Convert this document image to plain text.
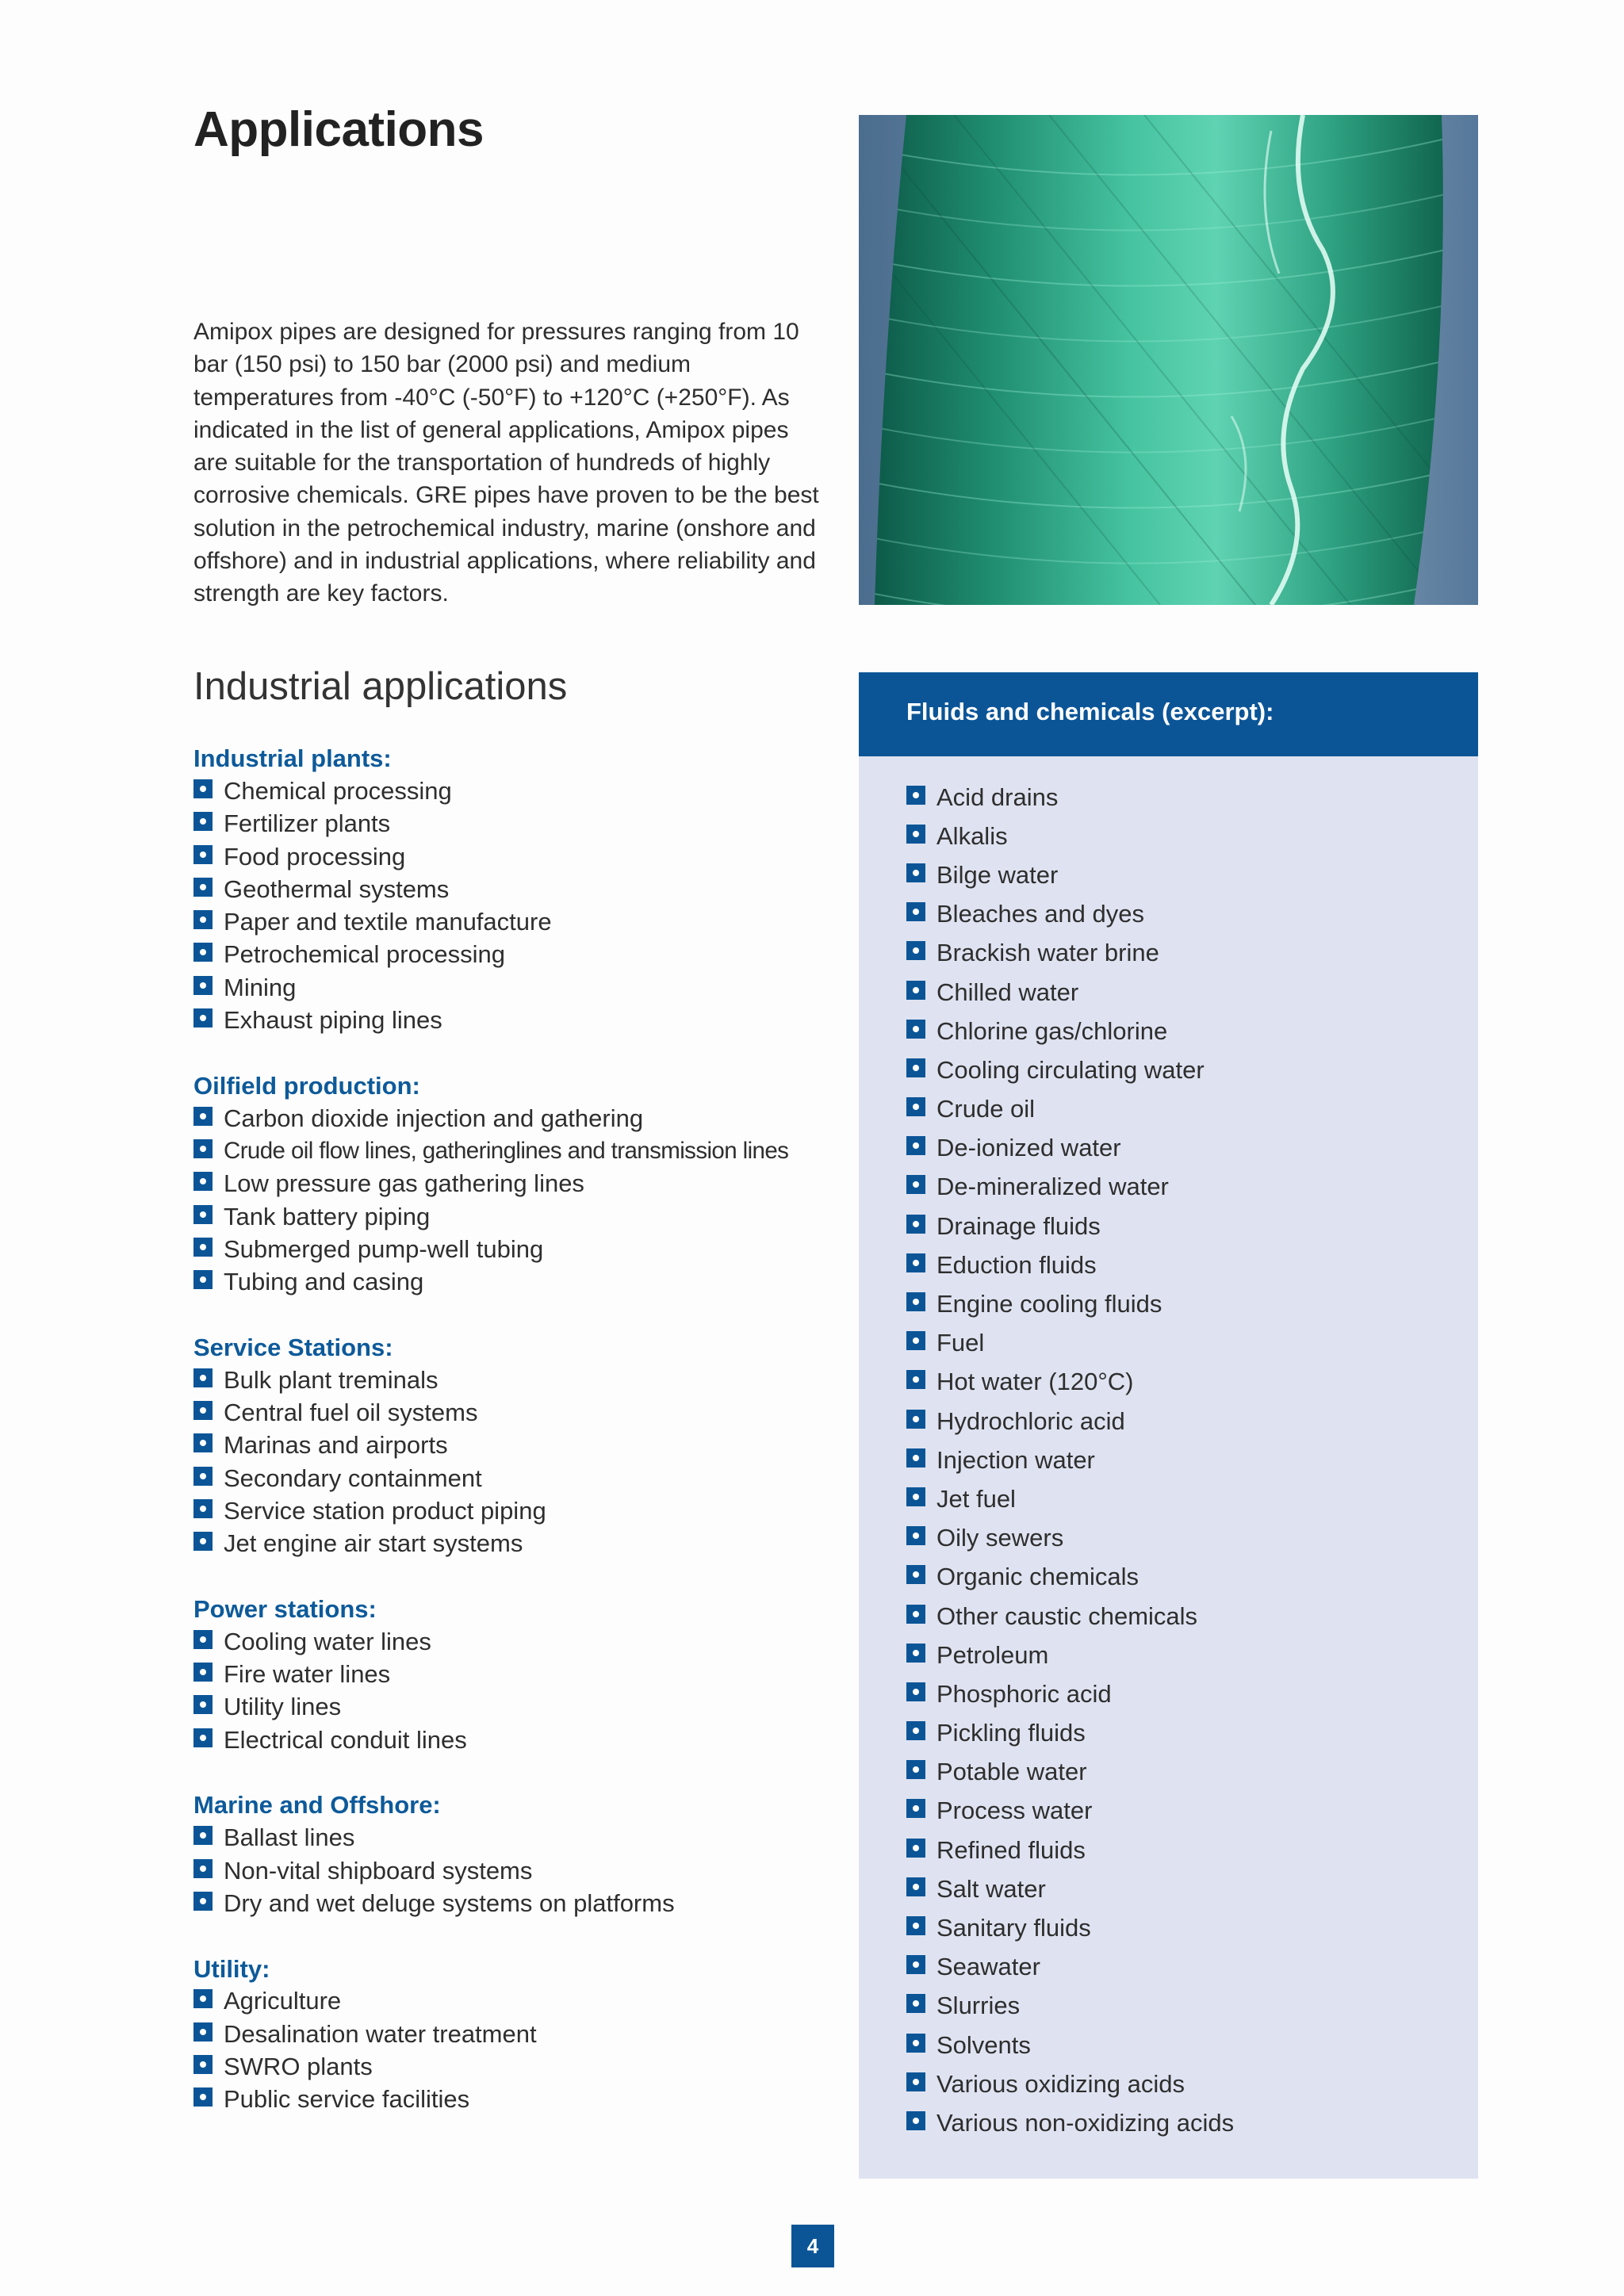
Applications

Amipox pipes are designed for pressures ranging from 10 bar (150 psi) to 150 bar (2000 psi) and medium temperatures from -40°C (-50°F) to +120°C (+250°F). As indicated in the list of general applications, Amipox pipes are suitable for the transportation of hundreds of highly corrosive chemicals. GRE pipes have proven to be the best solution in the petrochemical industry, marine (onshore and offshore) and in industrial applications, where reliability and strength are key factors.

Industrial applications
Industrial plants:
Chemical processing
Fertilizer plants
Food processing
Geothermal systems
Paper and textile manufacture
Petrochemical processing
Mining
Exhaust piping lines
Oilfield production:
Carbon dioxide injection and gathering
Crude oil flow lines, gatheringlines and transmission lines
Low pressure gas gathering lines
Tank battery piping
Submerged pump-well tubing
Tubing and casing
Service Stations:
Bulk plant treminals
Central fuel oil systems
Marinas and airports
Secondary containment
Service station product piping
Jet engine air start systems
Power stations:
Cooling water lines
Fire water lines
Utility lines
Electrical conduit lines
Marine and Offshore:
Ballast lines
Non-vital shipboard systems
Dry and wet deluge systems on platforms
Utility:
Agriculture
Desalination water treatment
SWRO plants
Public service facilities
Fluids and chemicals (excerpt):
Acid drains
Alkalis
Bilge water
Bleaches and dyes
Brackish water brine
Chilled water
Chlorine gas/chlorine
Cooling circulating water
Crude oil
De-ionized water
De-mineralized water
Drainage fluids
Eduction fluids
Engine cooling fluids
Fuel
Hot water (120°C)
Hydrochloric acid
Injection water
Jet fuel
Oily sewers
Organic chemicals
Other caustic chemicals
Petroleum
Phosphoric acid
Pickling fluids
Potable water
Process water
Refined fluids
Salt water
Sanitary fluids
Seawater
Slurries
Solvents
Various oxidizing acids
Various non-oxidizing acids
4
